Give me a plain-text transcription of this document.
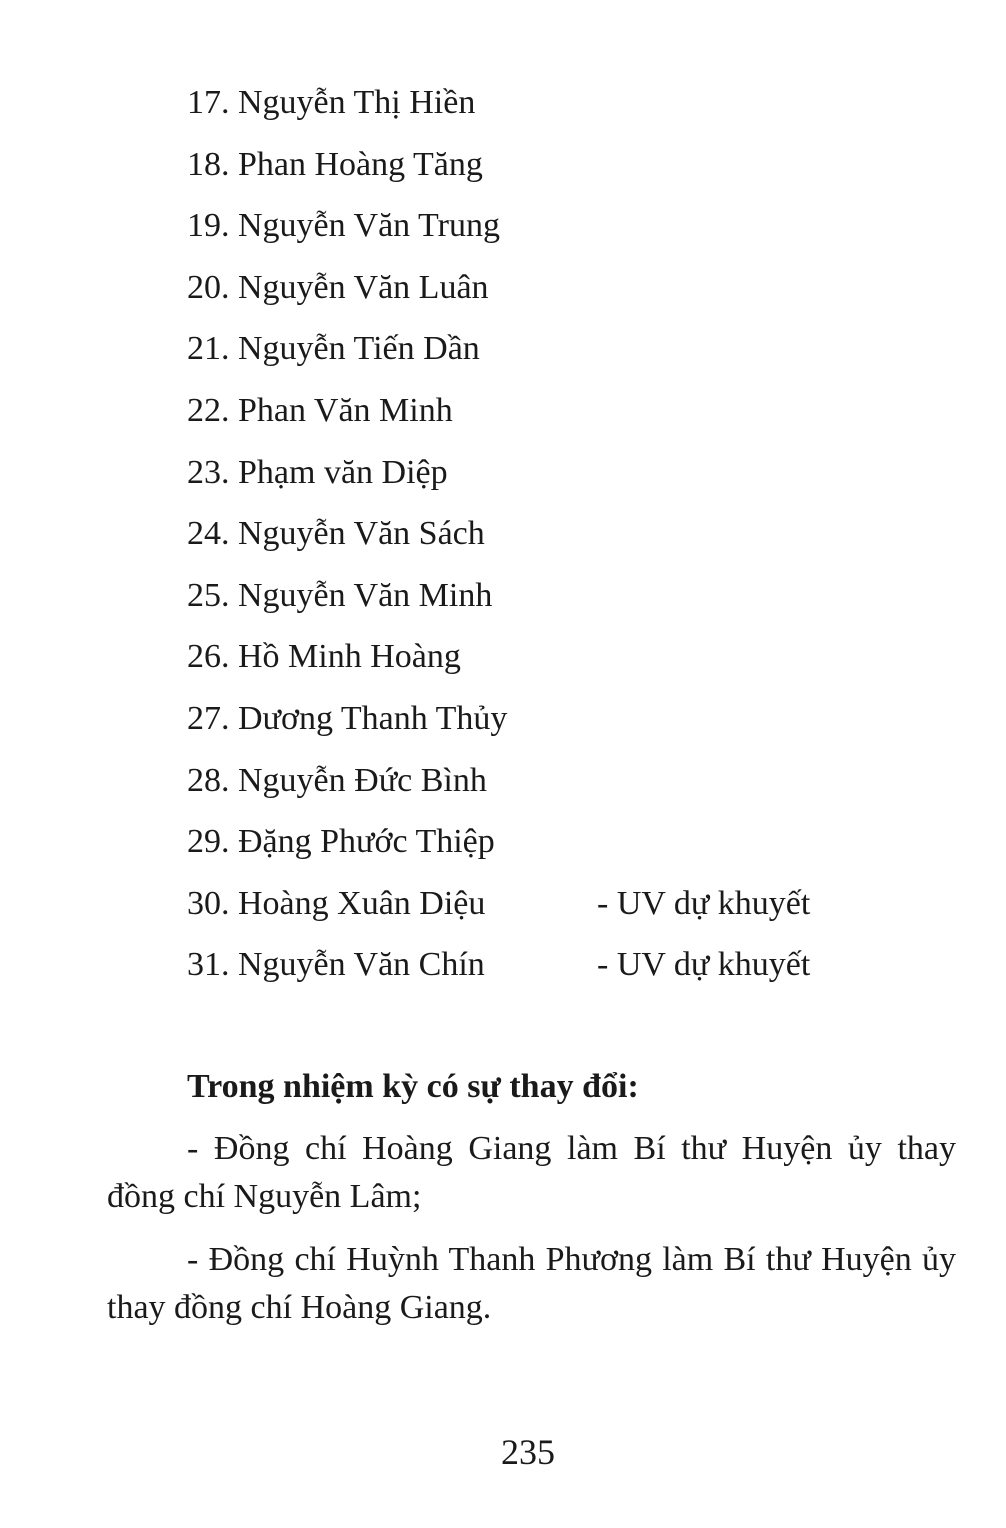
17. Nguyễn Thị Hiền
18. Phan Hoàng Tăng
19. Nguyễn Văn Trung
20. Nguyễn Văn Luân
21. Nguyễn Tiến Dần
22. Phan Văn Minh
23. Phạm văn Diệp
24. Nguyễn Văn Sách
25. Nguyễn Văn Minh
26. Hồ Minh Hoàng
27. Dương Thanh Thủy
28. Nguyễn Đức Bình
29. Đặng Phước Thiệp
30. Hoàng Xuân Diệu	- UV dự khuyết
31. Nguyễn Văn Chín	- UV dự khuyết
Trong nhiệm kỳ có sự thay đổi:

- Đồng chí Hoàng Giang làm Bí thư Huyện ủy thay đồng chí Nguyễn Lâm;

- Đồng chí Huỳnh Thanh Phương làm Bí thư Huyện ủy thay đồng chí Hoàng Giang.

235
